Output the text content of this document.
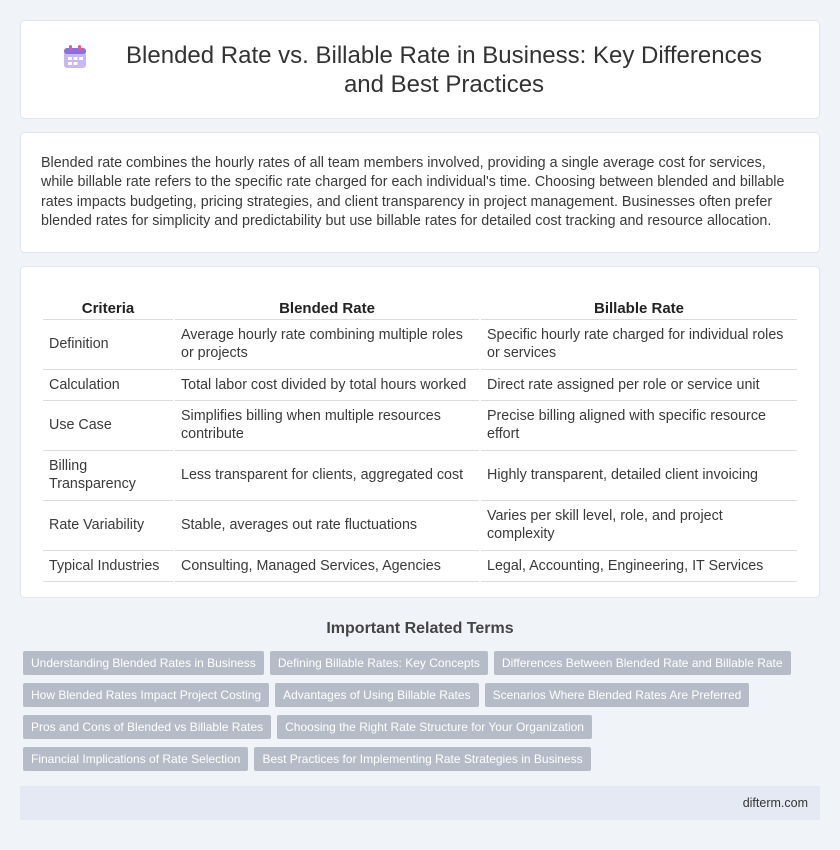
Blended Rate vs. Billable Rate in Business: Key Differences and Best Practices

Blended rate combines the hourly rates of all team members involved, providing a single average cost for services, while billable rate refers to the specific rate charged for each individual's time. Choosing between blended and billable rates impacts budgeting, pricing strategies, and client transparency in project management. Businesses often prefer blended rates for simplicity and predictability but use billable rates for detailed cost tracking and resource allocation.

Criteria	Blended Rate	Billable Rate
Definition	Average hourly rate combining multiple roles or projects	Specific hourly rate charged for individual roles or services
Calculation	Total labor cost divided by total hours worked	Direct rate assigned per role or service unit
Use Case	Simplifies billing when multiple resources contribute	Precise billing aligned with specific resource effort
Billing Transparency	Less transparent for clients, aggregated cost	Highly transparent, detailed client invoicing
Rate Variability	Stable, averages out rate fluctuations	Varies per skill level, role, and project complexity
Typical Industries	Consulting, Managed Services, Agencies	Legal, Accounting, Engineering, IT Services
Important Related Terms
Understanding Blended Rates in Business	Defining Billable Rates: Key Concepts	Differences Between Blended Rate and Billable Rate
How Blended Rates Impact Project Costing	Advantages of Using Billable Rates	Scenarios Where Blended Rates Are Preferred
Pros and Cons of Blended vs Billable Rates	Choosing the Right Rate Structure for Your Organization
Financial Implications of Rate Selection	Best Practices for Implementing Rate Strategies in Business
difterm.com
